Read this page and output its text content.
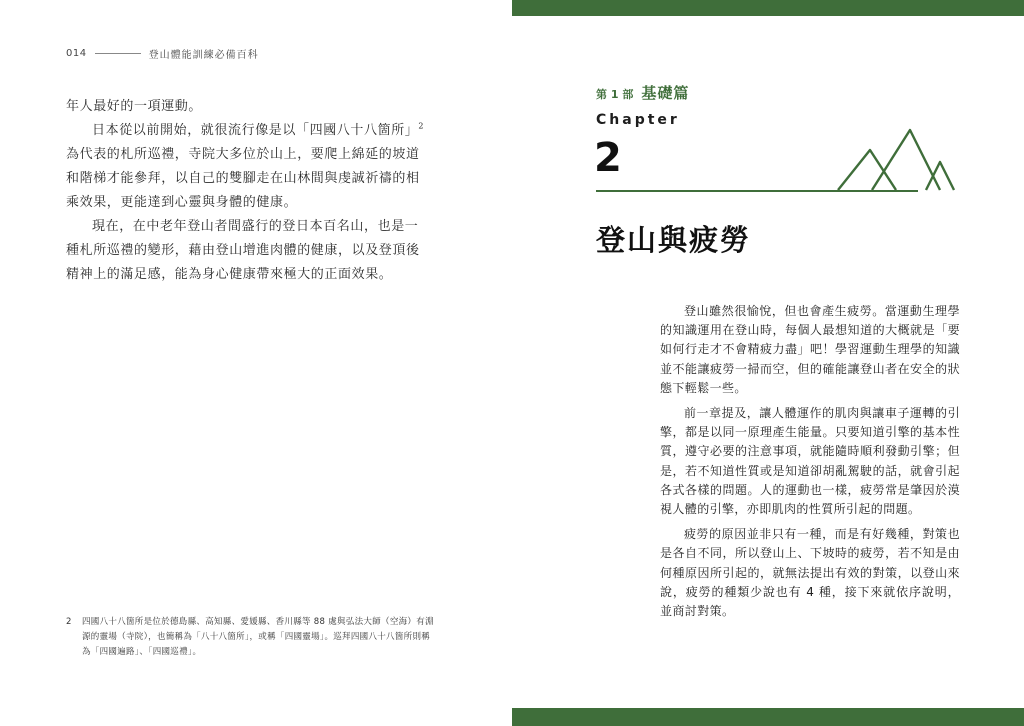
014	登山體能訓練必備百科

年人最好的一項運動。

日本從以前開始，就很流行像是以「四國八十八箇所」$^2$為代表的札所巡禮，寺院大多位於山上，要爬上綿延的坡道和階梯才能參拜，以自己的雙腳走在山林間與虔誠祈禱的相乘效果，更能達到心靈與身體的健康。

現在，在中老年登山者間盛行的登日本百名山，也是一種札所巡禮的變形，藉由登山增進肉體的健康，以及登頂後精神上的滿足感，能為身心健康帶來極大的正面效果。

2	四國八十八箇所是位於德島縣、高知縣、愛媛縣、香川縣等 88 處與弘法大師（空海）有淵源的靈場（寺院），也簡稱為「八十八箇所」，或稱「四國靈場」。巡拜四國八十八箇所則稱為「四國遍路」、「四國巡禮」。
第 1 部 基礎篇
Chapter
2
登山與疲勞

登山雖然很愉悅，但也會產生疲勞。當運動生理學的知識運用在登山時，每個人最想知道的大概就是「要如何行走才不會精疲力盡」吧！學習運動生理學的知識並不能讓疲勞一掃而空，但的確能讓登山者在安全的狀態下輕鬆一些。

前一章提及，讓人體運作的肌肉與讓車子運轉的引擎，都是以同一原理產生能量。只要知道引擎的基本性質，遵守必要的注意事項，就能隨時順利發動引擎；但是，若不知道性質或是知道卻胡亂駕駛的話，就會引起各式各樣的問題。人的運動也一樣，疲勞常是肇因於漠視人體的引擎，亦即肌肉的性質所引起的問題。

疲勞的原因並非只有一種，而是有好幾種，對策也是各自不同，所以登山上、下坡時的疲勞，若不知是由何種原因所引起的，就無法提出有效的對策，以登山來說，疲勞的種類少說也有 4 種，接下來就依序說明，並商討對策。
